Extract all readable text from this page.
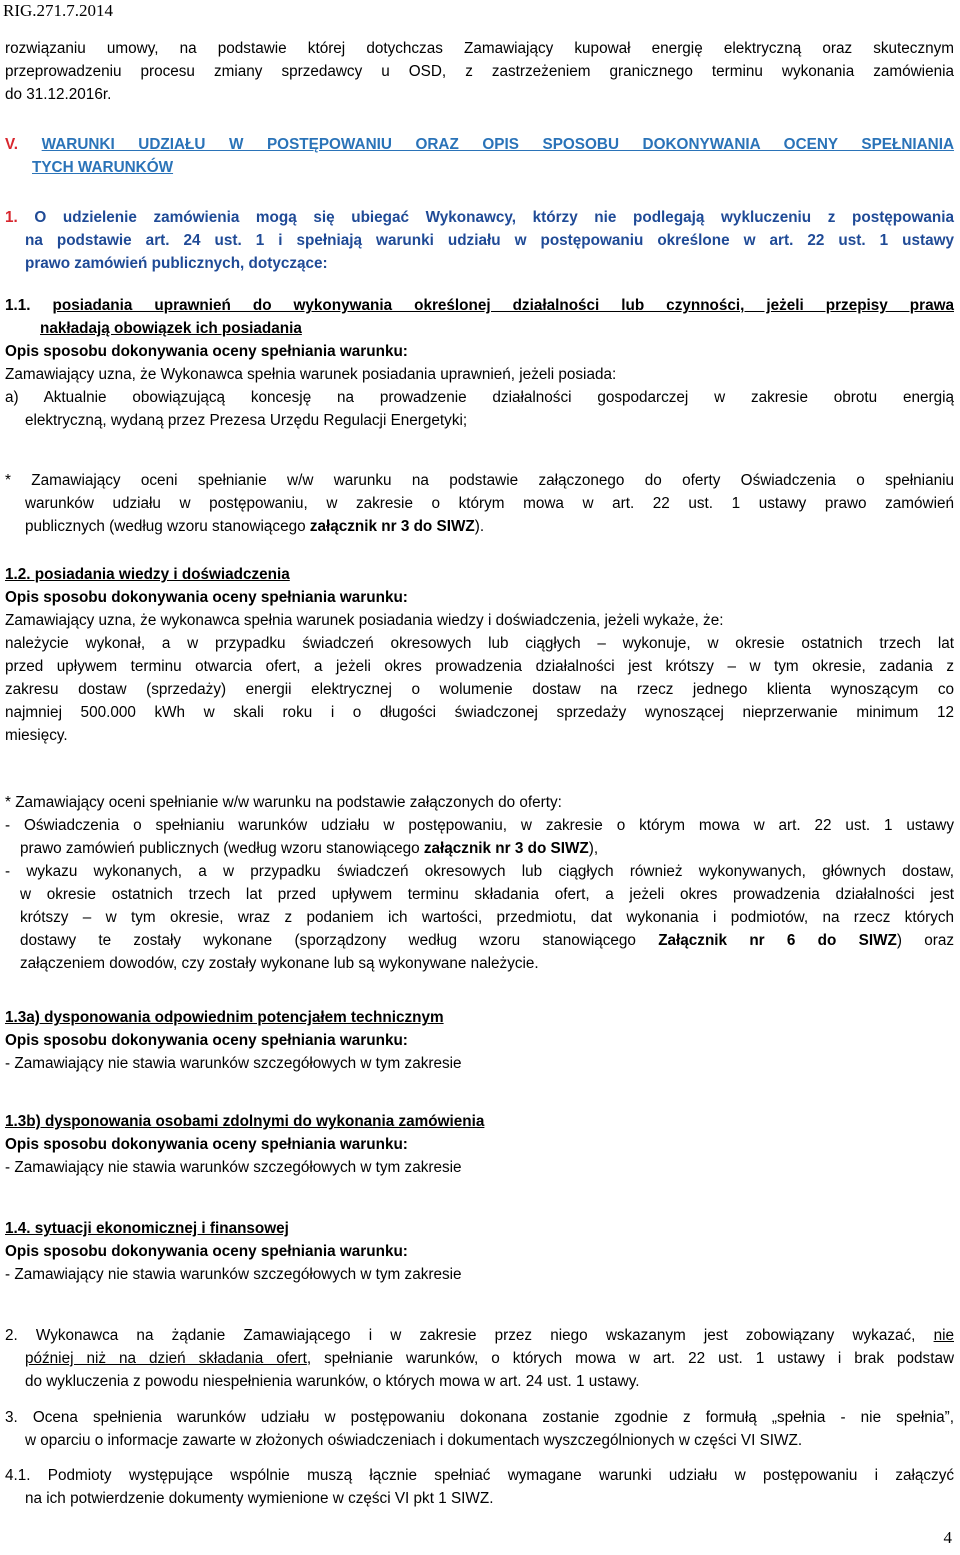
RIG.271.7.2014
rozwiązaniu umowy, na podstawie której dotychczas Zamawiający kupował energię elektryczną oraz skutecznym
przeprowadzeniu procesu zmiany sprzedawcy u OSD, z zastrzeżeniem granicznego terminu wykonania zamówienia
do 31.12.2016r.
V. WARUNKI UDZIAŁU W POSTĘPOWANIU ORAZ OPIS SPOSOBU DOKONYWANIA OCENY SPEŁNIANIA
TYCH WARUNKÓW
1. O udzielenie zamówienia mogą się ubiegać Wykonawcy, którzy nie podlegają wykluczeniu z postępowania
na podstawie art. 24 ust. 1 i spełniają warunki udziału w postępowaniu określone w art. 22 ust. 1 ustawy
prawo zamówień publicznych, dotyczące:
1.1. posiadania uprawnień do wykonywania określonej działalności lub czynności, jeżeli przepisy prawa
nakładają obowiązek ich posiadania
Opis sposobu dokonywania oceny spełniania warunku:
Zamawiający uzna, że Wykonawca spełnia warunek posiadania uprawnień, jeżeli posiada:
a) Aktualnie obowiązującą koncesję na prowadzenie działalności gospodarczej w zakresie obrotu energią
elektryczną, wydaną przez Prezesa Urzędu Regulacji Energetyki;
* Zamawiający oceni spełnianie w/w warunku na podstawie załączonego do oferty Oświadczenia o spełnianiu
warunków udziału w postępowaniu, w zakresie o którym mowa w art. 22 ust. 1 ustawy prawo zamówień
publicznych (według wzoru stanowiącego załącznik nr 3 do SIWZ).
1.2. posiadania wiedzy i doświadczenia
Opis sposobu dokonywania oceny spełniania warunku:
Zamawiający uzna, że wykonawca spełnia warunek posiadania wiedzy i doświadczenia, jeżeli wykaże, że:
należycie wykonał, a w przypadku świadczeń okresowych lub ciągłych – wykonuje, w okresie ostatnich trzech lat
przed upływem terminu otwarcia ofert, a jeżeli okres prowadzenia działalności jest krótszy – w tym okresie, zadania z
zakresu dostaw (sprzedaży) energii elektrycznej o wolumenie dostaw na rzecz jednego klienta wynoszącym co
najmniej 500.000 kWh w skali roku i o długości świadczonej sprzedaży wynoszącej nieprzerwanie minimum 12
miesięcy.
* Zamawiający oceni spełnianie w/w warunku na podstawie załączonych do oferty:
- Oświadczenia o spełnianiu warunków udziału w postępowaniu, w zakresie o którym mowa w art. 22 ust. 1 ustawy
prawo zamówień publicznych (według wzoru stanowiącego załącznik nr 3 do SIWZ),
- wykazu wykonanych, a w przypadku świadczeń okresowych lub ciągłych również wykonywanych, głównych dostaw,
w okresie ostatnich trzech lat przed upływem terminu składania ofert, a jeżeli okres prowadzenia działalności jest
krótszy – w tym okresie, wraz z podaniem ich wartości, przedmiotu, dat wykonania i podmiotów, na rzecz których
dostawy te zostały wykonane (sporządzony według wzoru stanowiącego Załącznik nr 6 do SIWZ) oraz
załączeniem dowodów, czy zostały wykonane lub są wykonywane należycie.
1.3a) dysponowania odpowiednim potencjałem technicznym
Opis sposobu dokonywania oceny spełniania warunku:
- Zamawiający nie stawia warunków szczegółowych w tym zakresie
1.3b) dysponowania osobami zdolnymi do wykonania zamówienia
Opis sposobu dokonywania oceny spełniania warunku:
- Zamawiający nie stawia warunków szczegółowych w tym zakresie
1.4. sytuacji ekonomicznej i finansowej
Opis sposobu dokonywania oceny spełniania warunku:
- Zamawiający nie stawia warunków szczegółowych w tym zakresie
2. Wykonawca na żądanie Zamawiającego i w zakresie przez niego wskazanym jest zobowiązany wykazać, nie
później niż na dzień składania ofert, spełnianie warunków, o których mowa w art. 22 ust. 1 ustawy i brak podstaw
do wykluczenia z powodu niespełnienia warunków, o których mowa w art. 24 ust. 1 ustawy.
3. Ocena spełnienia warunków udziału w postępowaniu dokonana zostanie zgodnie z formułą „spełnia - nie spełnia”,
w oparciu o informacje zawarte w złożonych oświadczeniach i dokumentach wyszczególnionych w części VI SIWZ.
4.1. Podmioty występujące wspólnie muszą łącznie spełniać wymagane warunki udziału w postępowaniu i załączyć
na ich potwierdzenie dokumenty wymienione w części VI pkt 1 SIWZ.
4
